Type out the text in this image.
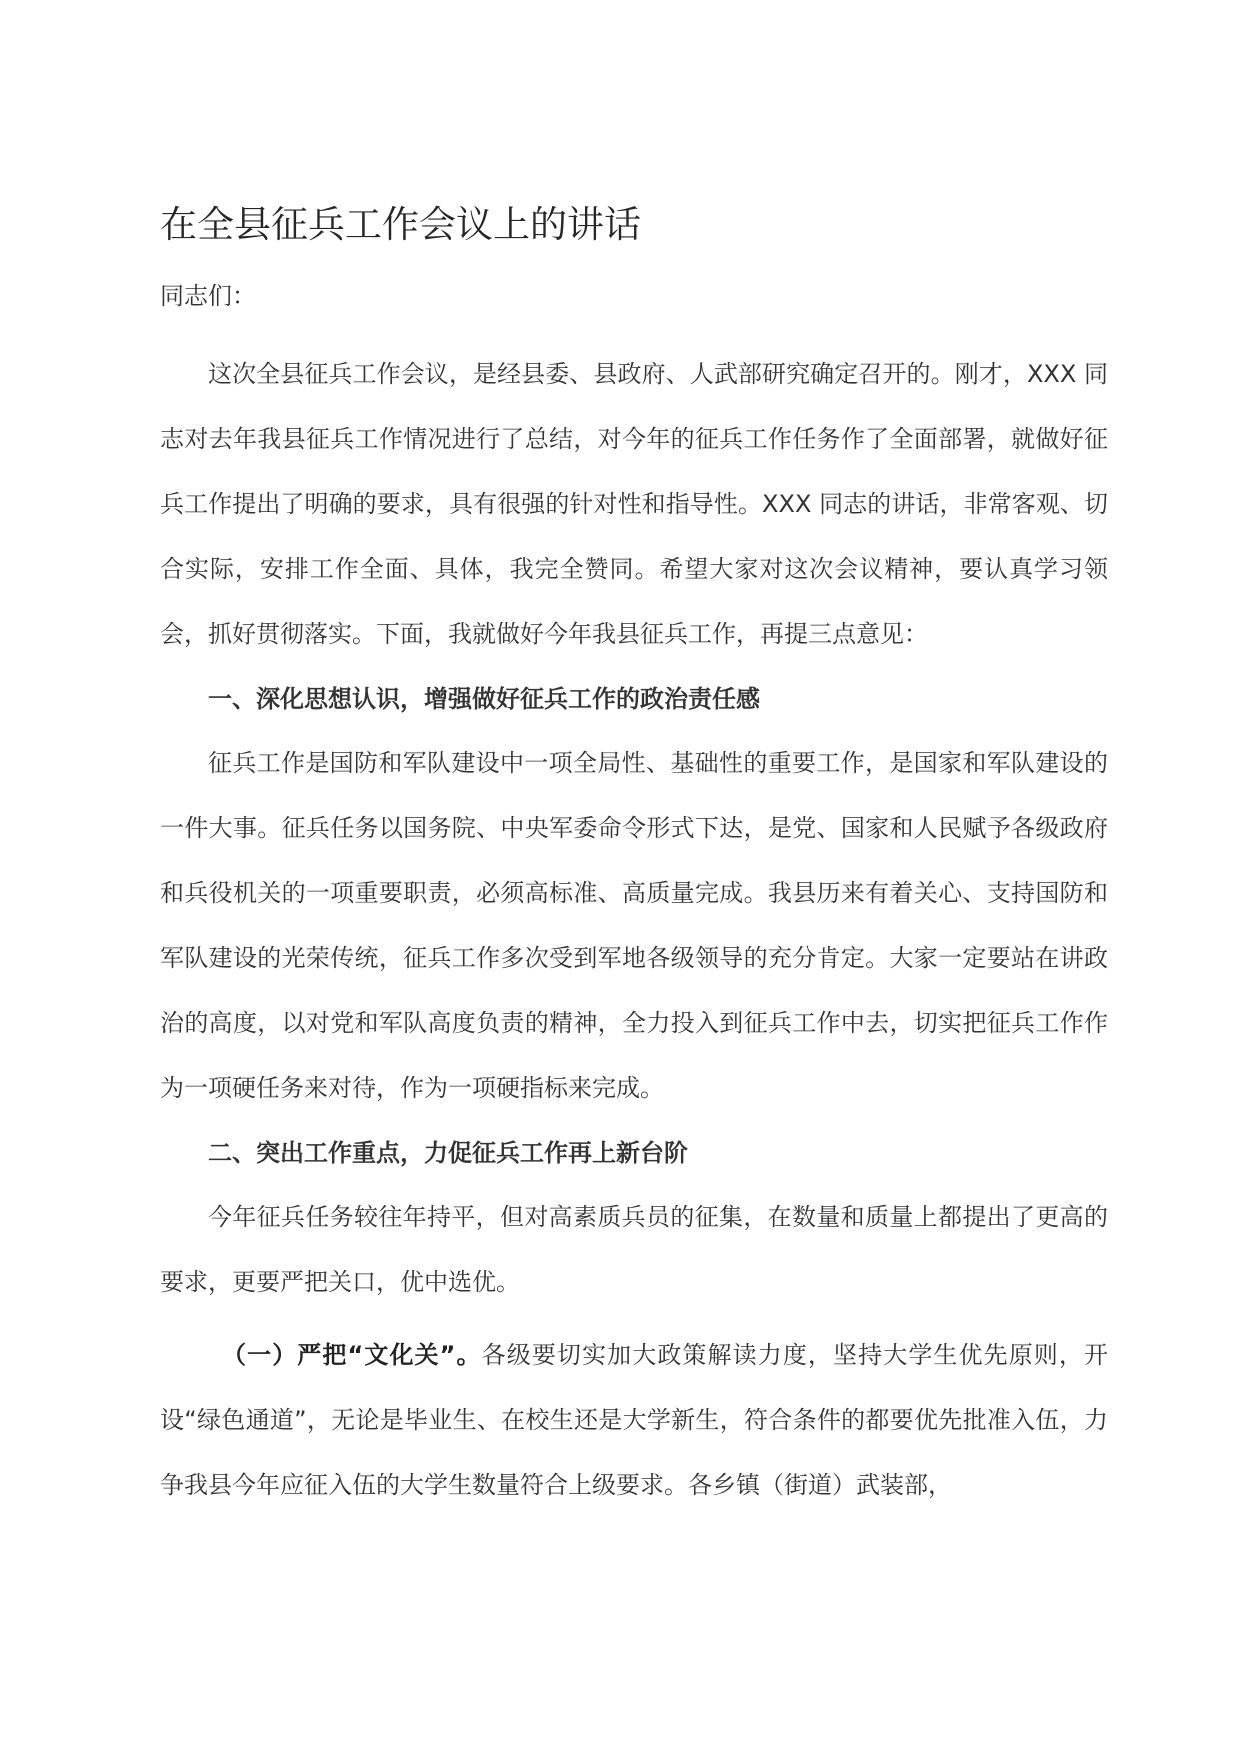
在全县征兵工作会议上的讲话

同志们：

这次全县征兵工作会议，是经县委、县政府、人武部研究确定召开的。刚才，XXX 同志对去年我县征兵工作情况进行了总结，对今年的征兵工作任务作了全面部署，就做好征兵工作提出了明确的要求，具有很强的针对性和指导性。XXX 同志的讲话，非常客观、切合实际，安排工作全面、具体，我完全赞同。希望大家对这次会议精神，要认真学习领会，抓好贯彻落实。下面，我就做好今年我县征兵工作，再提三点意见：

一、深化思想认识，增强做好征兵工作的政治责任感

征兵工作是国防和军队建设中一项全局性、基础性的重要工作，是国家和军队建设的一件大事。征兵任务以国务院、中央军委命令形式下达，是党、国家和人民赋予各级政府和兵役机关的一项重要职责，必须高标准、高质量完成。我县历来有着关心、支持国防和军队建设的光荣传统，征兵工作多次受到军地各级领导的充分肯定。大家一定要站在讲政治的高度，以对党和军队高度负责的精神，全力投入到征兵工作中去，切实把征兵工作作为一项硬任务来对待，作为一项硬指标来完成。

二、突出工作重点，力促征兵工作再上新台阶

今年征兵任务较往年持平，但对高素质兵员的征集，在数量和质量上都提出了更高的要求，更要严把关口，优中选优。

（一）严把“文化关”。各级要切实加大政策解读力度，坚持大学生优先原则，开设“绿色通道”，无论是毕业生、在校生还是大学新生，符合条件的都要优先批准入伍，力争我县今年应征入伍的大学生数量符合上级要求。各乡镇（街道）武装部，
